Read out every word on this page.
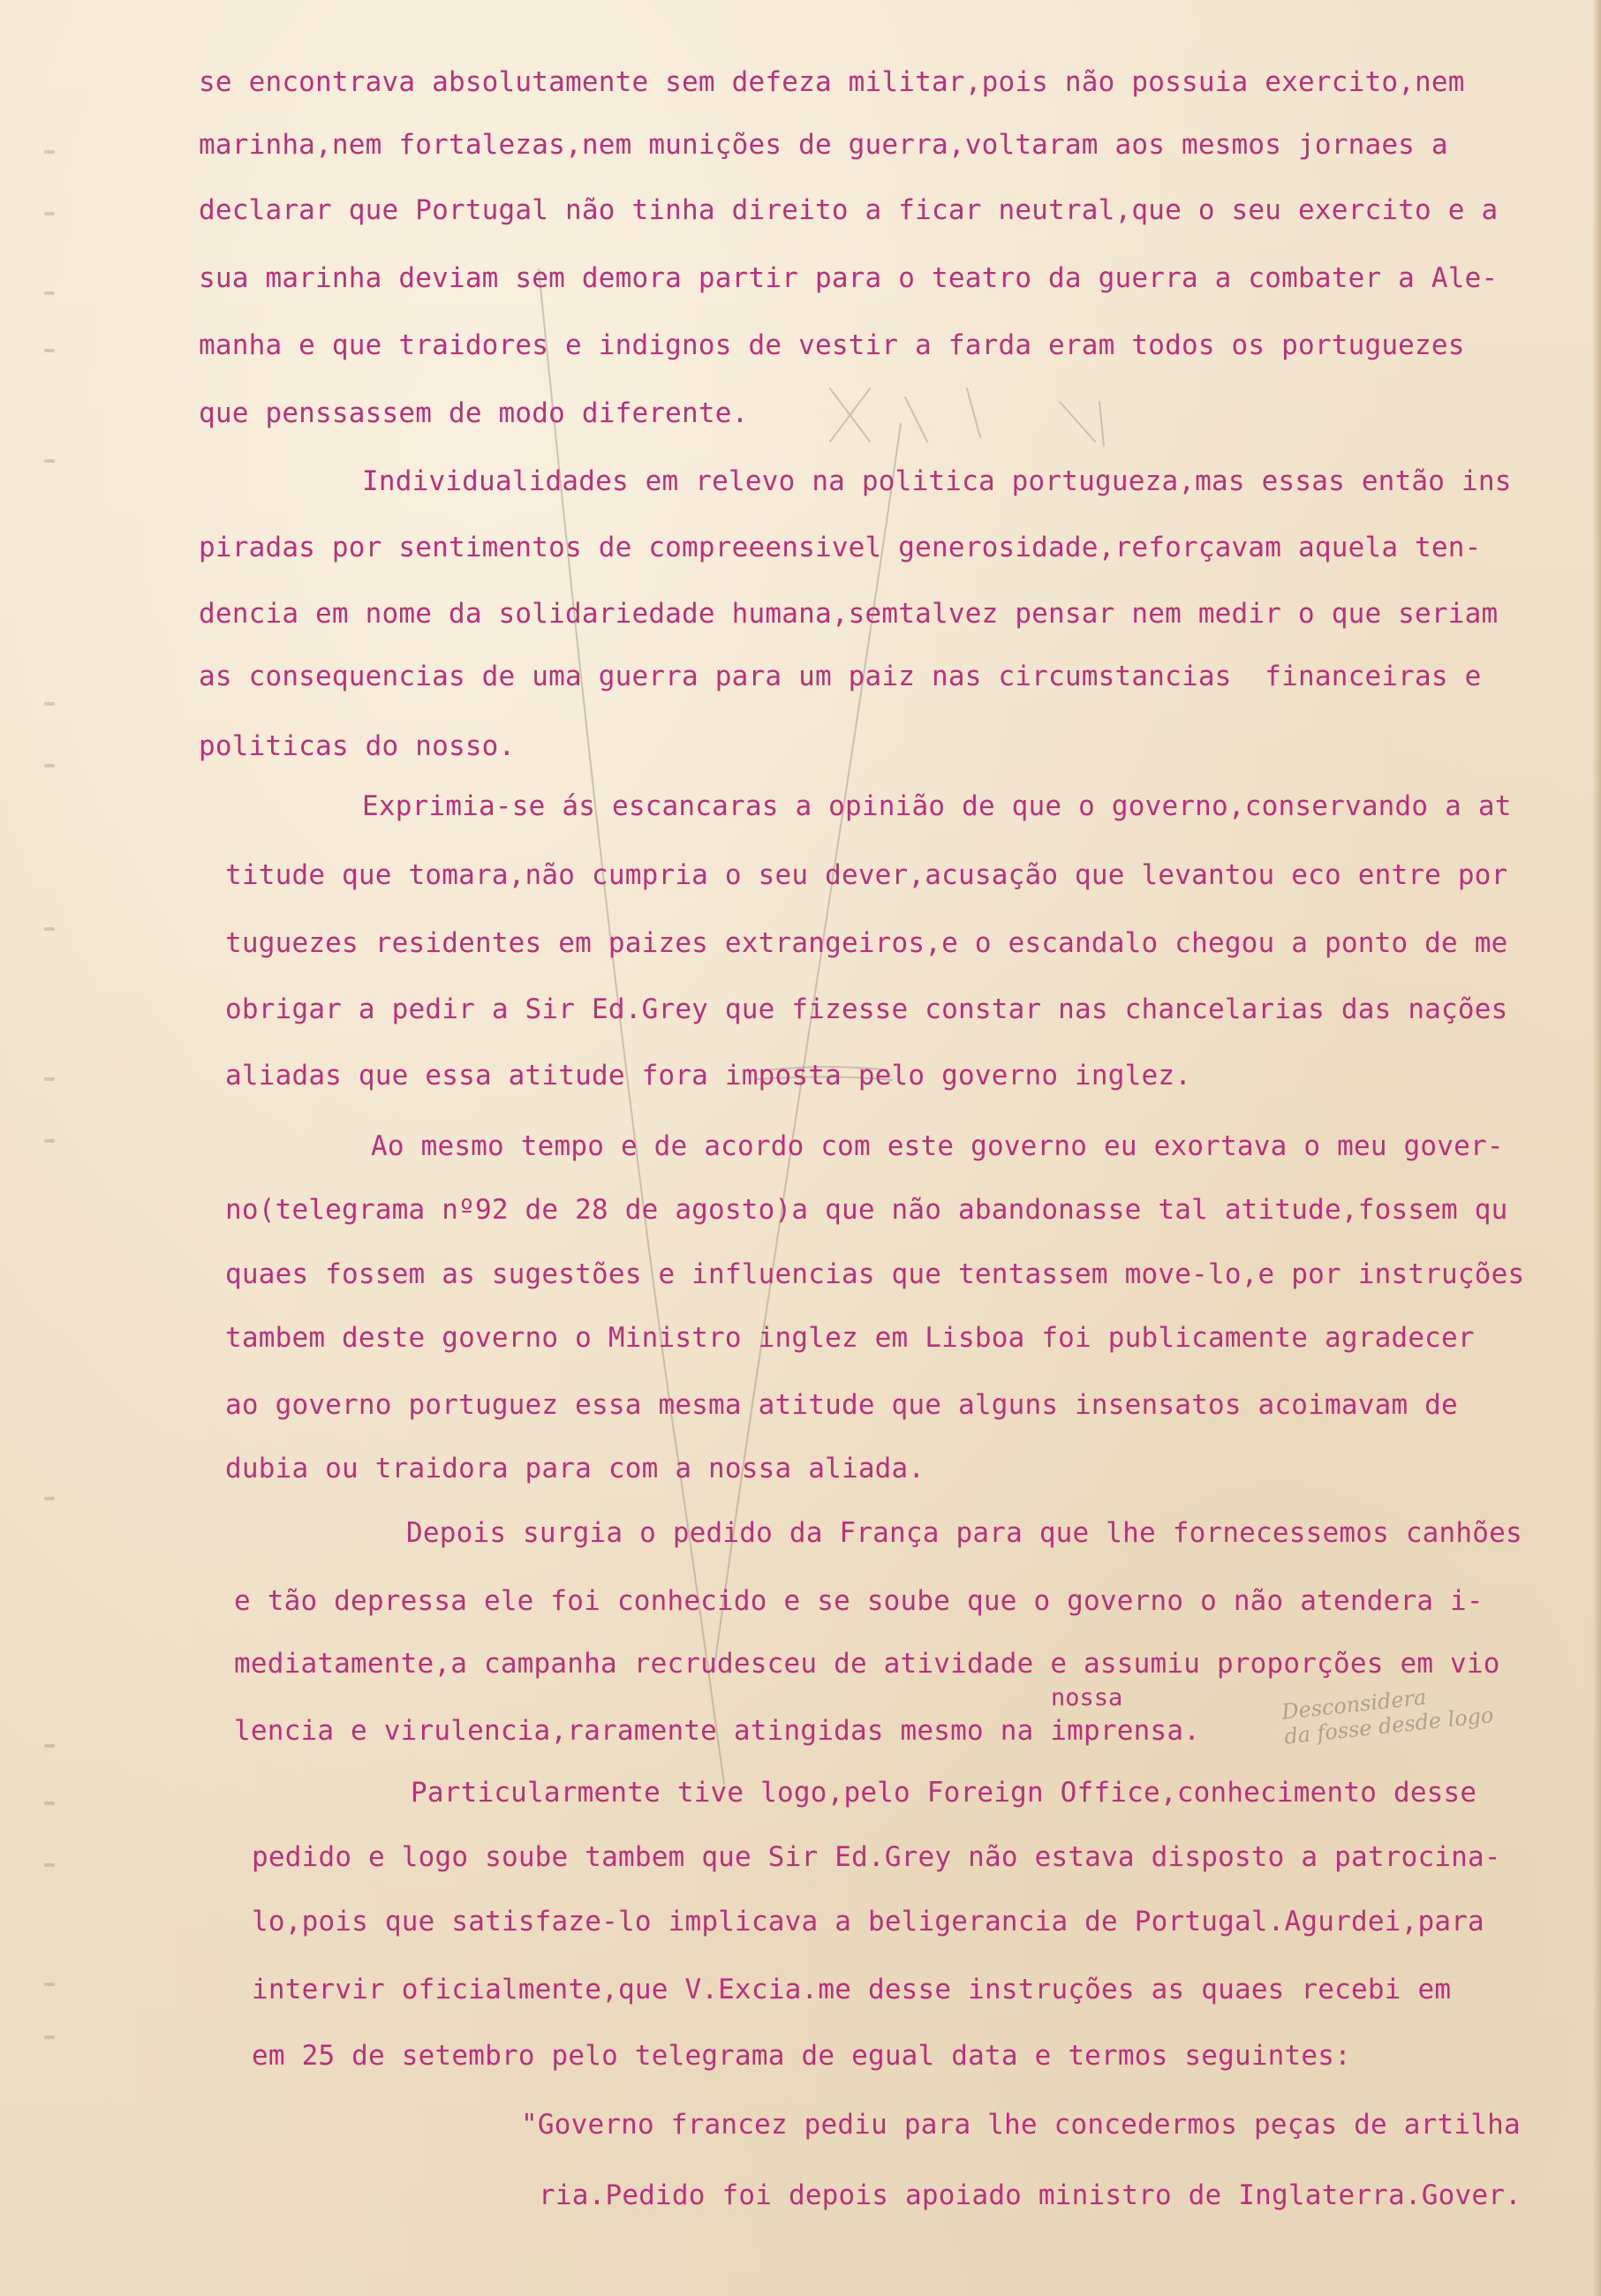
se encontrava absolutamente sem defeza militar,pois não possuia exercito,nem

marinha,nem fortalezas,nem munições de guerra,voltaram aos mesmos jornaes a

declarar que Portugal não tinha direito a ficar neutral,que o seu exercito e a

sua marinha deviam sem demora partir para o teatro da guerra a combater a Ale-

manha e que traidores e indignos de vestir a farda eram todos os portuguezes

que penssassem de modo diferente.

Individualidades em relevo na politica portugueza,mas essas então ins

piradas por sentimentos de compreeensivel generosidade,reforçavam aquela ten-

dencia em nome da solidariedade humana,semtalvez pensar nem medir o que seriam

as consequencias de uma guerra para um paiz nas circumstancias  financeiras e

politicas do nosso.

Exprimia-se ás escancaras a opinião de que o governo,conservando a at

titude que tomara,não cumpria o seu dever,acusação que levantou eco entre por

tuguezes residentes em paizes extrangeiros,e o escandalo chegou a ponto de me

obrigar a pedir a Sir Ed.Grey que fizesse constar nas chancelarias das nações

aliadas que essa atitude fora imposta pelo governo inglez.

Ao mesmo tempo e de acordo com este governo eu exortava o meu gover-

no(telegrama nº92 de 28 de agosto)a que não abandonasse tal atitude,fossem qu

quaes fossem as sugestões e influencias que tentassem move-lo,e por instruções

tambem deste governo o Ministro inglez em Lisboa foi publicamente agradecer

ao governo portuguez essa mesma atitude que alguns insensatos acoimavam de

dubia ou traidora para com a nossa aliada.

Depois surgia o pedido da França para que lhe fornecessemos canhões

e tão depressa ele foi conhecido e se soube que o governo o não atendera i-

mediatamente,a campanha recrudesceu de atividade e assumiu proporções em vio

nossa

lencia e virulencia,raramente atingidas mesmo na imprensa.

Desconsidera
da fosse desde logo

Particularmente tive logo,pelo Foreign Office,conhecimento desse

pedido e logo soube tambem que Sir Ed.Grey não estava disposto a patrocina-

lo,pois que satisfaze-lo implicava a beligerancia de Portugal.Agurdei,para

intervir oficialmente,que V.Excia.me desse instruções as quaes recebi em

em 25 de setembro pelo telegrama de egual data e termos seguintes:

"Governo francez pediu para lhe concedermos peças de artilha

ria.Pedido foi depois apoiado ministro de Inglaterra.Gover.
